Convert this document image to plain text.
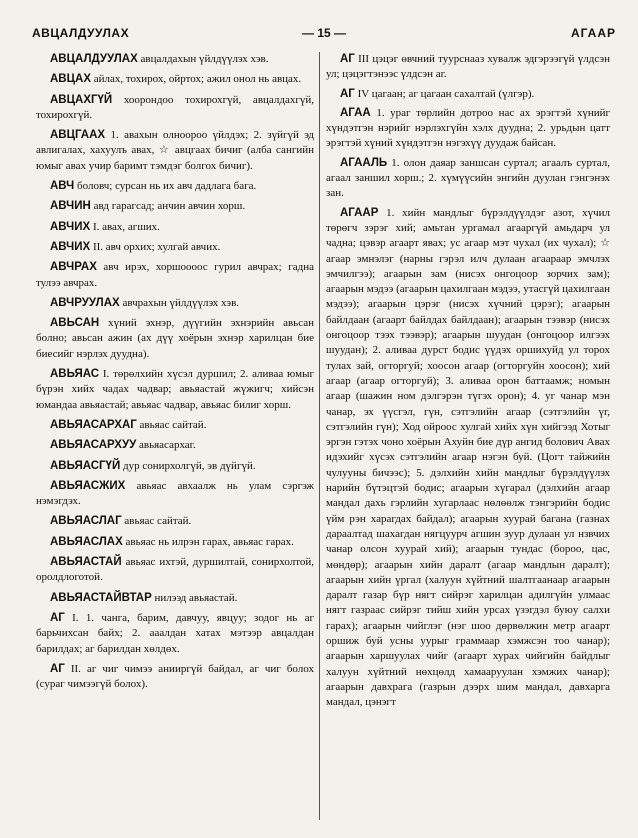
АВЦАЛДУУЛАХ	— 15 —	АГААР

АВЦАЛДУУЛАХ авцалдахын үйлдүүлэх хэв.

АВЦАХ айлах, тохирох, ойртох; ажил онол нь авцах.

АВЦАХГҮЙ хоорондоо тохирохгүй, авцалдахгүй, тохирохгүй.

АВЦГААХ 1. авахын олноороо үйлдэх; 2. зүйгүй эд авлигалах, хахуулъ авах, ☆ авцгаах бичиг (алба сангийн юмыг авах учир баримт тэмдэг болгох бичиг).

АВЧ боловч; сурсан нь их авч дадлага бага.

АВЧИН авд гарагсад; анчин авчин хорш.

АВЧИХ I. авах, агших.

АВЧИХ II. авч орхих; хулгай авчих.

АВЧРАХ авч ирэх, хоршоооос гурил авчрах; гадна тулээ авчрах.

АВЧРУУЛАХ авчрахын үйлдүүлэх хэв.

АВЬСАН хүний эхнэр, дүүгийн эхнэрийн авьсан болно; авьсан ажин (ах дүү хоёрын эхнэр харилцан бие биесийг нэрлэх дуудна).

АВЬЯАС I. төрөлхийн хүсэл дуршил; 2. аливаа юмыг бүрэн хийх чадах чадвар; авьяастай жүжигч; хийсэн юмандаа авьяастай; авьяас чадвар, авьяас билиг хорш.

АВЬЯАСАРХАГ авьяас сайтай.

АВЬЯАСАРХУУ авьяасархаг.

АВЬЯАСГҮЙ дур сонирхолгүй, эв дүйгүй.

АВЬЯАСЖИХ авьяас авхаалж нь улам сэргэж нэмэгдэх.

АВЬЯАСЛАГ авьяас сайтай.

АВЬЯАСЛАХ авьяас нь илрэн гарах, авьяас гарах.

АВЬЯАСТАЙ авьяас ихтэй, дуршилтай, сонирхолтой, оролдлоготой.

АВЬЯАСТАЙВТАР нилээд авьяастай.

АГ I. 1. чанга, барим, давчуу, явцуу; зодог нь аг барьчихсан байх; 2. ааалдан хатах мэтээр авцалдан барилдах; аг барилдан хөлдөх.

АГ II. аг чиг чимээ анииргүй байдал, аг чиг болох (сураг чимээгүй болох).

АГ III цэцэг өвчний туурснааз хувалж эдгэрээгүй үлдсэн ул; цэцэгтэнээс үлдсэн аг.

АГ IV цагаан; аг цагаан сахалтай (үлгэр).

АГАА 1. ураг төрлийн дотроо нас ах эрэгтэй хүнийг хүндэтгэн нэрийг нэрлэхгүйн хэлх дуудна; 2. урьдын цатт эрэгтэй хүний хүндэтгэн нэгэхүү дуудаж байсан.

АГААЛЬ 1. олон даяар заншсан суртал; агаалъ суртал, агаал заншил хорш.; 2. хүмүүсийн энгийн дуулан гэнгэнэх зан.

АГААР 1. хийн мандлыг бүрэлдүүлдэг азот, хүчил төрөгч зэрэг хий; амьтан ургамал агааргүй амьдарч ул чадна; цэвэр агаарт явах; ус агаар мэт чухал (их чухал); ☆ агаар эмнэлэг (нарны гэрэл илч дулаан агаараар эмчлэх эмчилгээ); агаарын зам (нисэх онгоцоор зорчих зам); агаарын мэдээ (агаарын цахилгаан мэдээ, утасгүй цахилгаан мэдээ); агаарын цэрэг (нисэх хүчний цэрэг); агаарын байлдаан (агаарт байлдах байлдаан); агаарын тээвэр (нисэх онгоцоор тээх тээвэр); агаарын шуудан (онгоцоор илгээх шуудан); 2. аливаа дурст бодис үүдэх оршихуйд ул торох тулах зай, огторгуй; хоосон агаар (огторгуйн хоосон); хий агаар (агаар огторгуй); 3. аливаа орон баттаамж; номын агаар (шажин ном дэлгэрэн түгэх орон); 4. уг чанар мэн чанар, эх үүсгэл, гүн, сэтгэлийн агаар (сэтгэлийн үг, сэтгэлийн гүн); Ход ойроос хулгай хийх хүн хийгээд Хотыг эргэн гэтэх чоно хоёрын Ахуйн бие дүр ангид болович Авах идэхийг хүсэх сэтгэлийн агаар нэгэн буй. (Цогт тайжийн чулууны бичээс); 5. дэлхийн хийн мандлыг бүрэлдүүлэх нарийн бүтэцтэй бодис; агаарын хүгарал (дэлхийн агаар мандал дахь гэрлийн хугарлаас нөлөөлж тэнгэрийн бодис үйм рэн харагдах байдал); агаарын хуурай баганa (газнах дараалтад шахагдан нягцуурч агшин зуур дулаан ул нзвчих чанар олсон хуурай хий); агаарын тундас (бороо, цас, мөндөр); агаарын хийн даралт (агаар мандлын даралт); агаарын хийн үргал (халуун хүйтний шалтгаанаар агаарын даралт газар бүр нягт сийрэг харилцан адилгүйн улмаас нягт газраас сийрэг тийш хийн урсах үзэгдэл буюу салхи гарах); агаарын чийглэг (нэг шоо дөрвөлжин метр агаарт оршиж буй усны уурыг граммаар хэмжсэн тоо чанар); агаарын харшуулах чийг (агаарт хурах чийгийн байдлыг халуун хүйтний нөхцөлд хамааруулан хэмжих чанар); агаарын давхрага (газрын дээрх шим мандал, давхарга мандал, цэнэгт
